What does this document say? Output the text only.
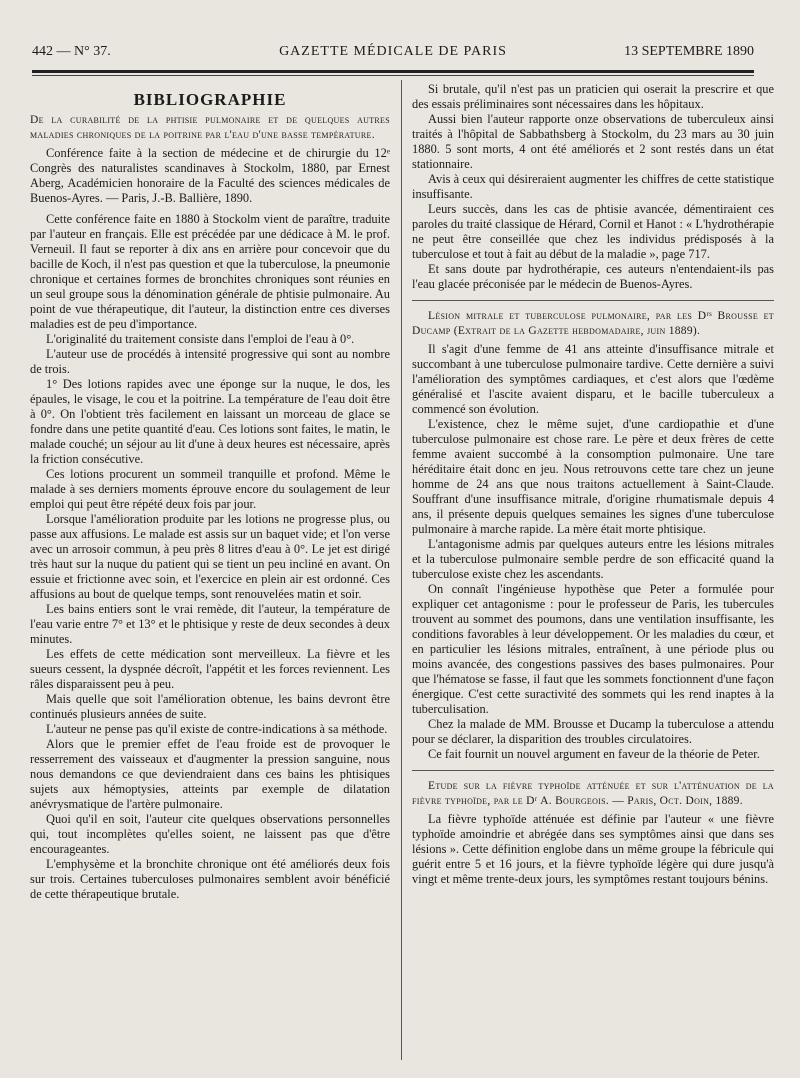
442 — N° 37.	GAZETTE MÉDICALE DE PARIS	13 SEPTEMBRE 1890
BIBLIOGRAPHIE

De la curabilité de la phtisie pulmonaire et de quelques autres maladies chroniques de la poitrine par l'eau d'une basse température.

Conférence faite à la section de médecine et de chirurgie du 12ᵉ Congrès des naturalistes scandinaves à Stockolm, 1880, par Ernest Aberg, Académicien honoraire de la Faculté des sciences médicales de Buenos-Ayres. — Paris, J.-B. Ballière, 1890.

Cette conférence faite en 1880 à Stockolm vient de paraître, traduite par l'auteur en français. Elle est précédée par une dédicace à M. le prof. Verneuil. Il faut se reporter à dix ans en arrière pour concevoir que du bacille de Koch, il n'est pas question et que la tuberculose, la pneumonie chronique et certaines formes de bronchites chroniques sont réunies en un seul groupe sous la dénomination générale de phtisie pulmonaire. Au point de vue thérapeutique, dit l'auteur, la distinction entre ces diverses maladies est de peu d'importance.

L'originalité du traitement consiste dans l'emploi de l'eau à 0°.

L'auteur use de procédés à intensité progressive qui sont au nombre de trois.

1° Des lotions rapides avec une éponge sur la nuque, le dos, les épaules, le visage, le cou et la poitrine. La température de l'eau doit être à 0°. On l'obtient très facilement en laissant un morceau de glace se fondre dans une petite quantité d'eau. Ces lotions sont faites, le matin, le malade couché; un séjour au lit d'une à deux heures est nécessaire, après la friction consécutive.

Ces lotions procurent un sommeil tranquille et profond. Même le malade à ses derniers moments éprouve encore du soulagement de leur emploi qui peut être répété deux fois par jour.

Lorsque l'amélioration produite par les lotions ne progresse plus, ou passe aux affusions. Le malade est assis sur un baquet vide; et l'on verse avec un arrosoir commun, à peu près 8 litres d'eau à 0°. Le jet est dirigé très haut sur la nuque du patient qui se tient un peu incliné en avant. On essuie et frictionne avec soin, et l'exercice en plein air est ordonné. Ces affusions au bout de quelque temps, sont renouvelées matin et soir.

Les bains entiers sont le vrai remède, dit l'auteur, la température de l'eau varie entre 7° et 13° et le phtisique y reste de deux secondes à deux minutes.

Les effets de cette médication sont merveilleux. La fièvre et les sueurs cessent, la dyspnée décroît, l'appétit et les forces reviennent. Les râles disparaissent peu à peu.

Mais quelle que soit l'amélioration obtenue, les bains devront être continués plusieurs années de suite.

L'auteur ne pense pas qu'il existe de contre-indications à sa méthode.

Alors que le premier effet de l'eau froide est de provoquer le resserrement des vaisseaux et d'augmenter la pression sanguine, nous nous demandons ce que deviendraient dans ces bains les phtisiques sujets aux hémoptysies, atteints par exemple de dilatation anévrysmatique de l'artère pulmonaire.

Quoi qu'il en soit, l'auteur cite quelques observations personnelles qui, tout incomplètes qu'elles soient, ne laissent pas que d'être encourageantes.

L'emphysème et la bronchite chronique ont été améliorés deux fois sur trois. Certaines tuberculoses pulmonaires semblent avoir bénéficié de cette thérapeutique brutale.

Si brutale, qu'il n'est pas un praticien qui oserait la prescrire et que des essais préliminaires sont nécessaires dans les hôpitaux.

Aussi bien l'auteur rapporte onze observations de tuberculeux ainsi traités à l'hôpital de Sabbathsberg à Stockolm, du 23 mars au 30 juin 1880. 5 sont morts, 4 ont été améliorés et 2 sont restés dans un état stationnaire.

Avis à ceux qui désireraient augmenter les chiffres de cette statistique insuffisante.

Leurs succès, dans les cas de phtisie avancée, démentiraient ces paroles du traité classique de Hérard, Cornil et Hanot : « L'hydrothérapie ne peut être conseillée que chez les individus prédisposés à la tuberculose et tout à fait au début de la maladie », page 717.

Et sans doute par hydrothérapie, ces auteurs n'entendaient-ils pas l'eau glacée préconisée par le médecin de Buenos-Ayres.

Lésion mitrale et tuberculose pulmonaire, par les Dʳˢ Brousse et Ducamp (Extrait de la Gazette hebdomadaire, juin 1889).

Il s'agit d'une femme de 41 ans atteinte d'insuffisance mitrale et succombant à une tuberculose pulmonaire tardive. Cette dernière a suivi l'amélioration des symptômes cardiaques, et c'est alors que l'œdème généralisé et l'ascite avaient disparu, et le bacille tuberculeux a commencé son évolution.

L'existence, chez le même sujet, d'une cardiopathie et d'une tuberculose pulmonaire est chose rare. Le père et deux frères de cette femme avaient succombé à la consomption pulmonaire. Une tare héréditaire était donc en jeu. Nous retrouvons cette tare chez un jeune homme de 24 ans que nous traitons actuellement à Saint-Claude. Souffrant d'une insuffisance mitrale, d'origine rhumatismale depuis 4 ans, il présente depuis quelques semaines les signes d'une tuberculose pulmonaire à marche rapide. La mère était morte phtisique.

L'antagonisme admis par quelques auteurs entre les lésions mitrales et la tuberculose pulmonaire semble perdre de son efficacité quand la tuberculose existe chez les ascendants.

On connaît l'ingénieuse hypothèse que Peter a formulée pour expliquer cet antagonisme : pour le professeur de Paris, les tubercules trouvent au sommet des poumons, dans une ventilation insuffisante, les conditions favorables à leur développement. Or les maladies du cœur, et en particulier les lésions mitrales, entraînent, à une période plus ou moins avancée, des congestions passives des bases pulmonaires. Pour que l'hématose se fasse, il faut que les sommets fonctionnent d'une façon énergique. C'est cette suractivité des sommets qui les rend inaptes à la tuberculisation.

Chez la malade de MM. Brousse et Ducamp la tuberculose a attendu pour se déclarer, la disparition des troubles circulatoires.

Ce fait fournit un nouvel argument en faveur de la théorie de Peter.

Etude sur la fièvre typhoïde atténuée et sur l'atténuation de la fièvre typhoïde, par le Dʳ A. Bourgeois. — Paris, Oct. Doin, 1889.

La fièvre typhoïde atténuée est définie par l'auteur « une fièvre typhoïde amoindrie et abrégée dans ses symptômes ainsi que dans ses lésions ». Cette définition englobe dans un même groupe la fébricule qui guérit entre 5 et 16 jours, et la fièvre typhoïde légère qui dure jusqu'à vingt et même trente-deux jours, les symptômes restant toujours bénins.
